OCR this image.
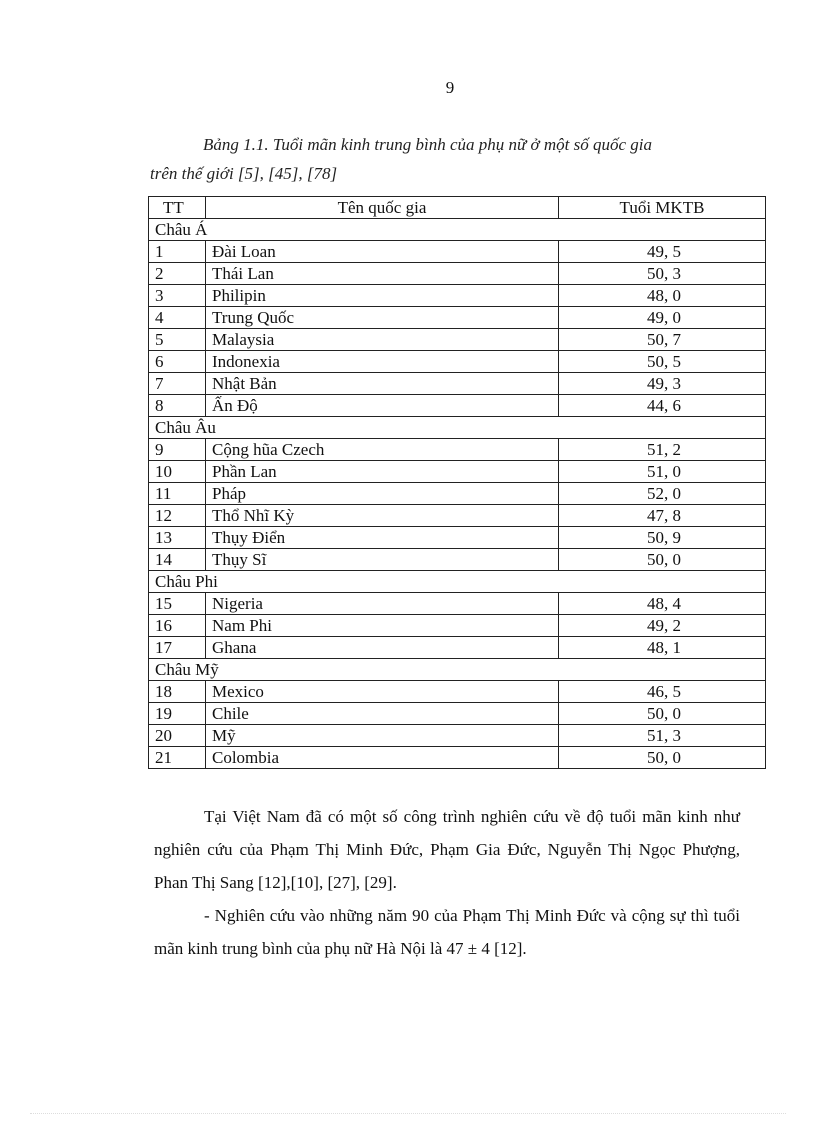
9
Bảng 1.1. Tuổi mãn kinh trung bình của phụ nữ ở một số quốc gia
trên thế giới [5], [45], [78]
TT	Tên quốc gia	Tuổi MKTB
Châu Á		
1	Đài Loan	49, 5
2	Thái Lan	50, 3
3	Philipin	48, 0
4	Trung Quốc	49, 0
5	Malaysia	50, 7
6	Indonexia	50, 5
7	Nhật Bản	49, 3
8	Ấn Độ	44, 6
Châu Âu		
9	Cộng hũa Czech	51, 2
10	Phần Lan	51, 0
11	Pháp	52, 0
12	Thổ Nhĩ Kỳ	47, 8
13	Thụy Điển	50, 9
14	Thụy Sĩ	50, 0
Châu Phi		
15	Nigeria	48, 4
16	Nam Phi	49, 2
17	Ghana	48, 1
Châu Mỹ		
18	Mexico	46, 5
19	Chile	50, 0
20	Mỹ	51, 3
21	Colombia	50, 0

Tại Việt Nam đã có một số công trình nghiên cứu về độ tuổi mãn kinh như nghiên cứu của Phạm Thị Minh Đức, Phạm Gia Đức, Nguyễn Thị Ngọc Phượng, Phan Thị Sang [12],[10], [27], [29].

- Nghiên cứu vào những năm 90 của Phạm Thị Minh Đức và cộng sự thì tuổi mãn kinh trung bình của phụ nữ Hà Nội là 47 ± 4 [12].
